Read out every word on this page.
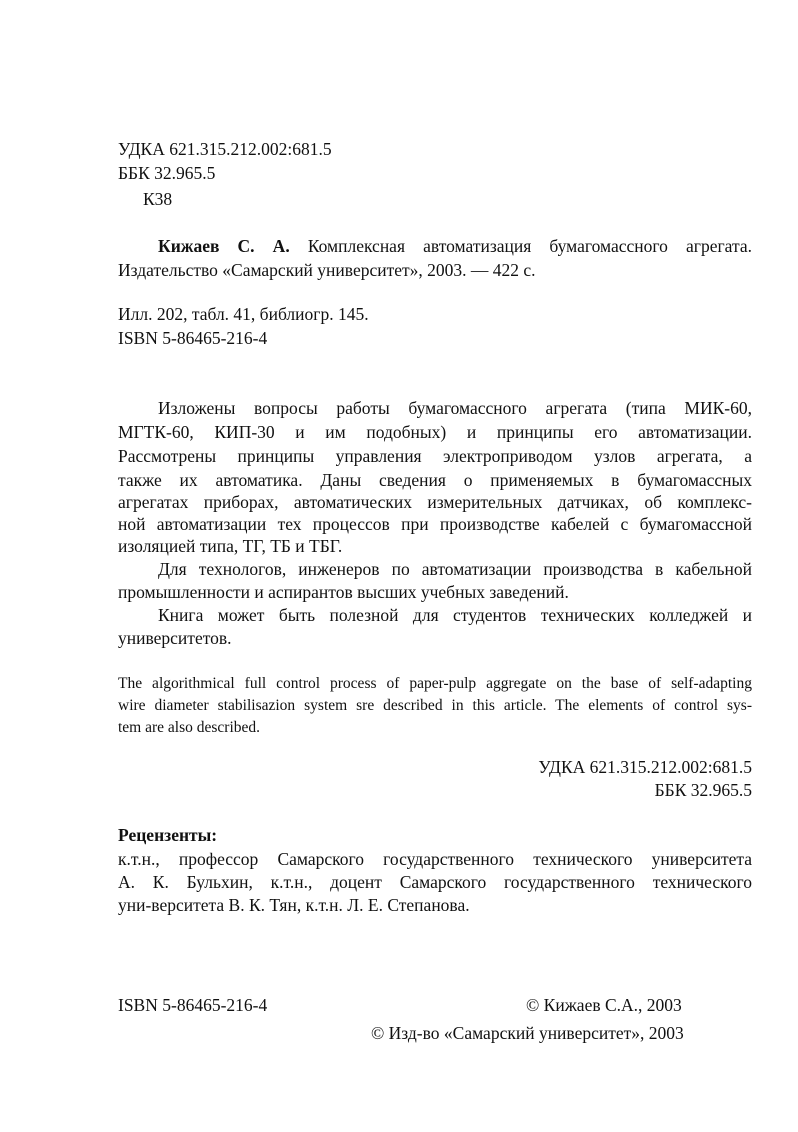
УДКА 621.315.212.002:681.5
ББК 32.965.5
К38
Кижаев С. А. Комплексная автоматизация бумагомассного агрегата.
Издательство «Самарский университет», 2003. — 422 с.
Илл. 202, табл. 41, библиогр. 145.
ISBN 5-86465-216-4
Изложены вопросы работы бумагомассного агрегата (типа МИК-60,
МГТК-60, КИП-30 и им подобных) и принципы его автоматизации.
Рассмотрены принципы управления электроприводом узлов агрегата, а
также их автоматика. Даны сведения о применяемых в бумагомассных
агрегатах приборах, автоматических измерительных датчиках, об комплекс-
ной автоматизации тех процессов при производстве кабелей с бумагомассной
изоляцией типа, ТГ, ТБ и ТБГ.
Для технологов, инженеров по автоматизации производства в кабельной
промышленности и аспирантов высших учебных заведений.
Книга может быть полезной для студентов технических колледжей и
университетов.
The algorithmical full control process of paper-pulp aggregate on the base of self-adapting
wire diameter stabilisazion system sre described in this article. The elements of control sys-
tem are also described.
УДКА 621.315.212.002:681.5
ББК 32.965.5
Рецензенты:
к.т.н., профессор Самарского государственного технического университета
А. К. Бульхин, к.т.н., доцент Самарского государственного технического
уни-верситета В. К. Тян, к.т.н. Л. Е. Степанова.
ISBN 5-86465-216-4	© Кижаев С.А., 2003
© Изд-во «Самарский университет», 2003
